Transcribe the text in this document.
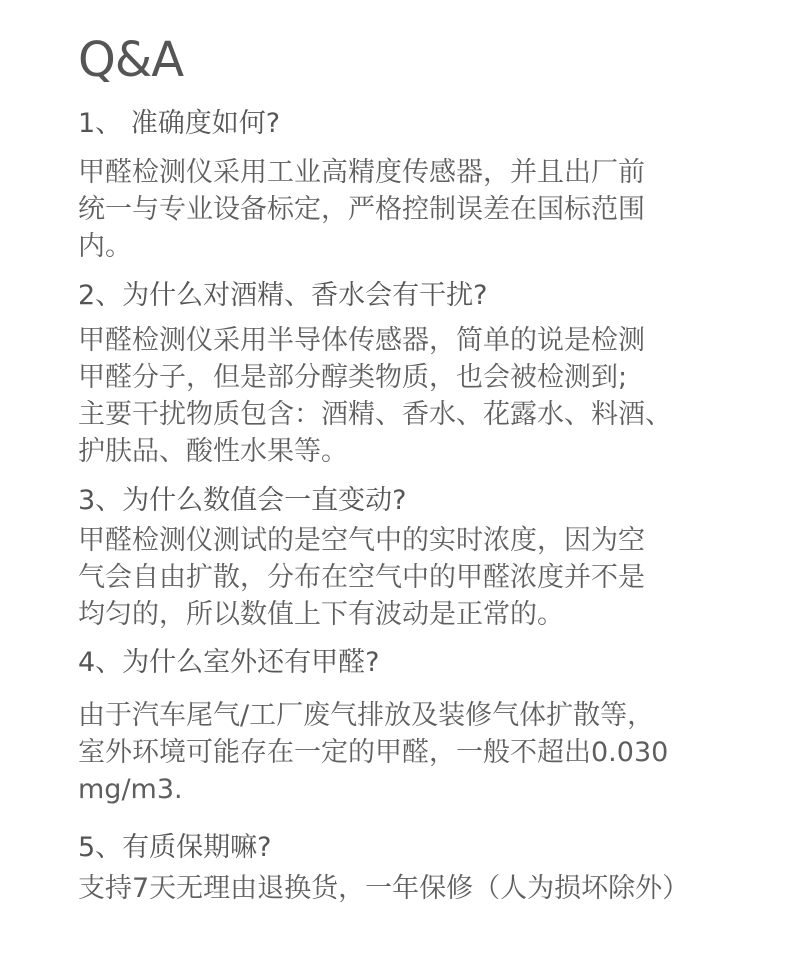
Q&A
1、 准确度如何?
甲醛检测仪采用工业高精度传感器，并且出厂前
统一与专业设备标定，严格控制误差在国标范围
内。
2、为什么对酒精、香水会有干扰?
甲醛检测仪采用半导体传感器，简单的说是检测
甲醛分子，但是部分醇类物质，也会被检测到;
主要干扰物质包含：酒精、香水、花露水、料酒、
护肤品、酸性水果等。
3、为什么数值会一直变动?
甲醛检测仪测试的是空气中的实时浓度，因为空
气会自由扩散，分布在空气中的甲醛浓度并不是
均匀的，所以数值上下有波动是正常的。
4、为什么室外还有甲醛?
由于汽车尾气/工厂废气排放及装修气体扩散等，
室外环境可能存在一定的甲醛，一般不超出0.030
mg/m3.
5、有质保期嘛?
支持7天无理由退换货，一年保修（人为损坏除外）
